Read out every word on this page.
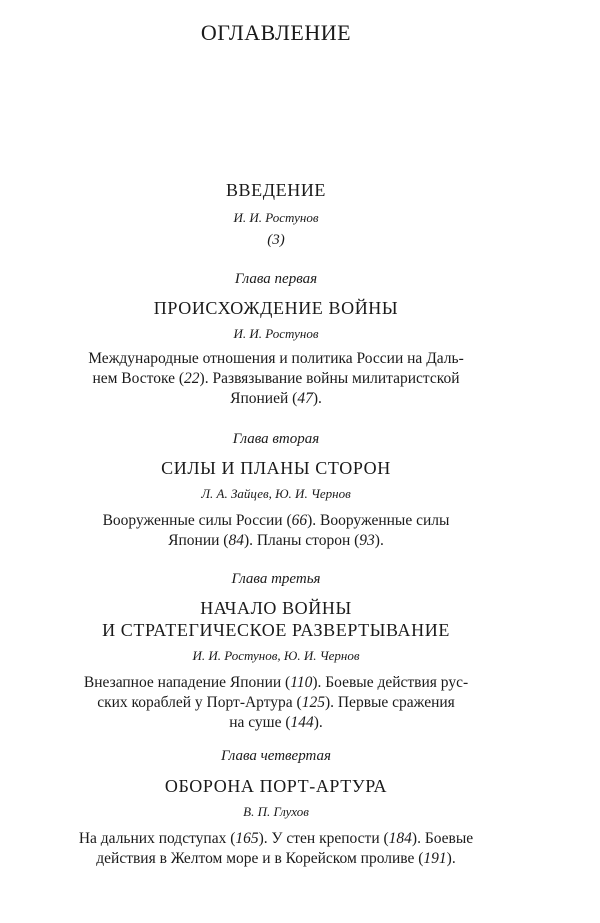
ОГЛАВЛЕНИЕ
ВВЕДЕНИЕ
И. И. Ростунов
(3)
Глава первая
ПРОИСХОЖДЕНИЕ ВОЙНЫ
И. И. Ростунов
Международные отношения и политика России на Даль-
нем Востоке (22). Развязывание войны милитаристской
Японией (47).
Глава вторая
СИЛЫ И ПЛАНЫ СТОРОН
Л. А. Зайцев, Ю. И. Чернов
Вооруженные силы России (66). Вооруженные силы
Японии (84). Планы сторон (93).
Глава третья
НАЧАЛО ВОЙНЫ
И СТРАТЕГИЧЕСКОЕ РАЗВЕРТЫВАНИЕ
И. И. Ростунов, Ю. И. Чернов
Внезапное нападение Японии (110). Боевые действия рус-
ских кораблей у Порт-Артура (125). Первые сражения
на суше (144).
Глава четвертая
ОБОРОНА ПОРТ-АРТУРА
В. П. Глухов
На дальних подступах (165). У стен крепости (184). Боевые
действия в Желтом море и в Корейском проливе (191).
